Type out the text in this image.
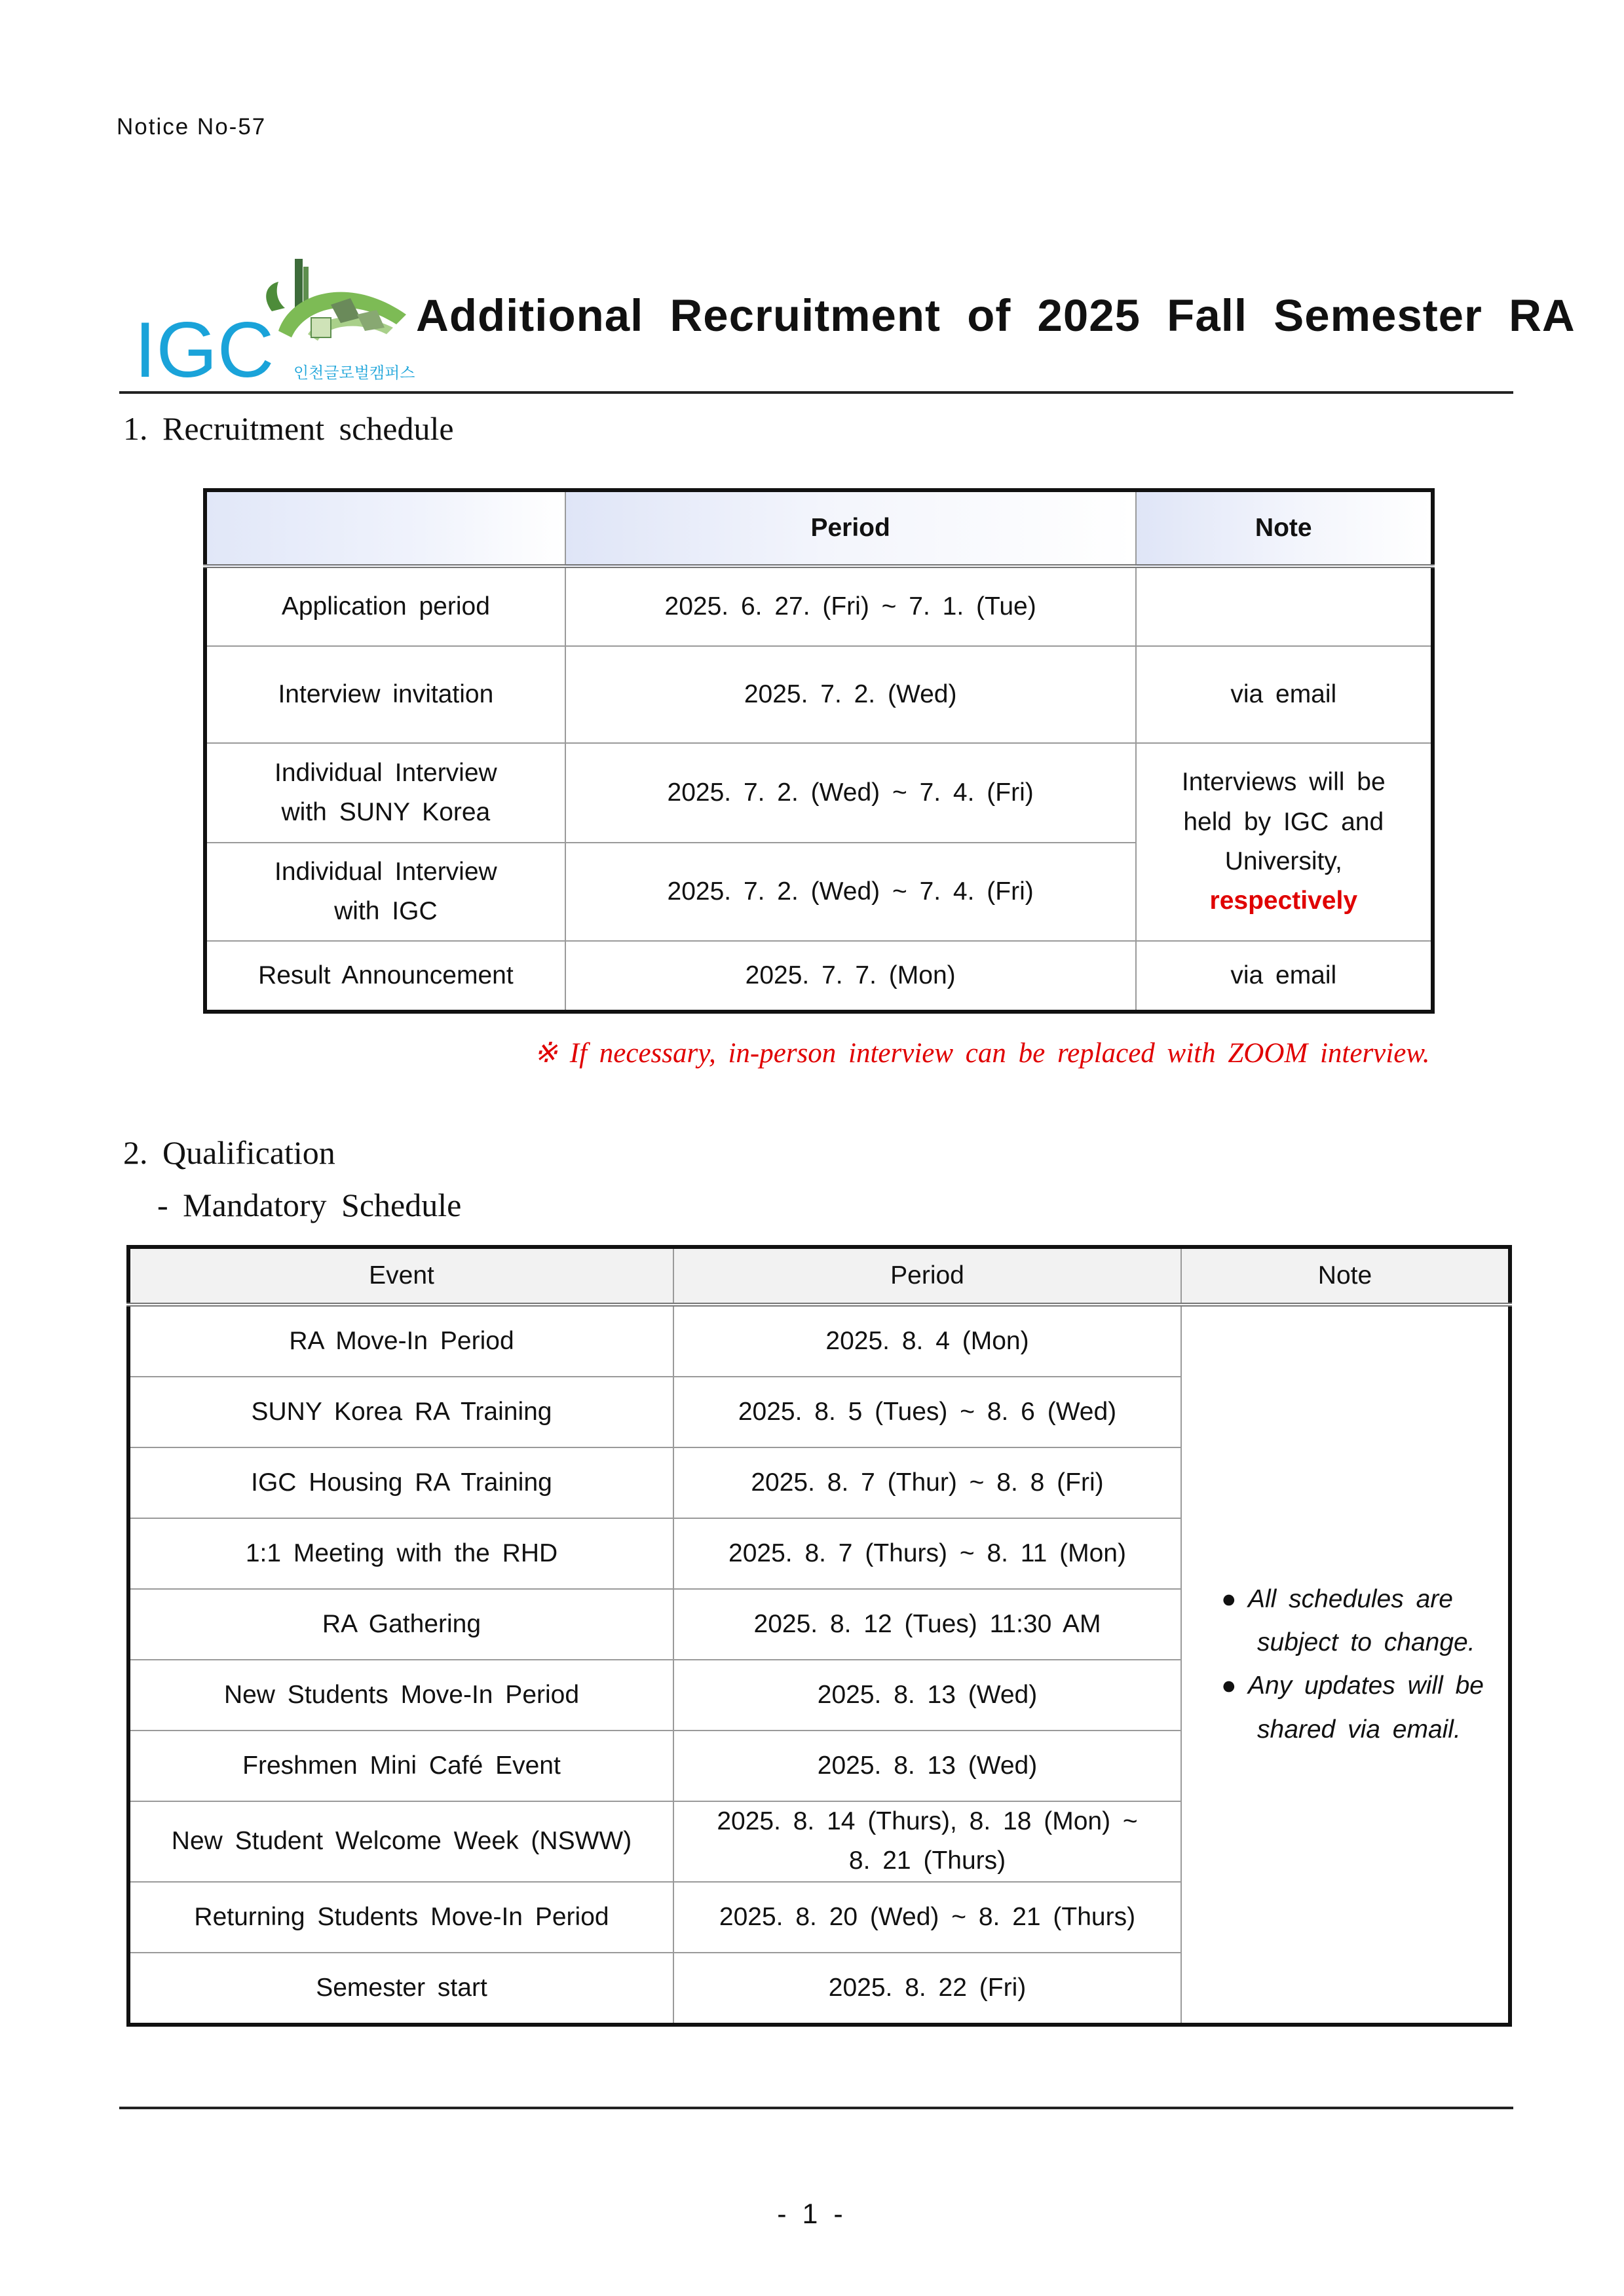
Notice No-57
IGC 인천글로벌캠퍼스
Additional Recruitment of 2025 Fall Semester RA
1. Recruitment schedule
	Period	Note
Application period	2025. 6. 27. (Fri) ~ 7. 1. (Tue)	
Interview invitation	2025. 7. 2. (Wed)	via email
Individual Interview
with SUNY Korea	2025. 7. 2. (Wed) ~ 7. 4. (Fri)	Interviews will be
held by IGC and
University,
respectively
Individual Interview
with IGC	2025. 7. 2. (Wed) ~ 7. 4. (Fri)	
Result Announcement	2025. 7. 7. (Mon)	via email
※ If necessary, in-person interview can be replaced with ZOOM interview.
2. Qualification
- Mandatory Schedule
Event	Period	Note
RA Move-In Period	2025. 8. 4 (Mon)	● All schedules are
subject to change.
● Any updates will be
shared via email.

SUNY Korea RA Training	2025. 8. 5 (Tues) ~ 8. 6 (Wed)	
IGC Housing RA Training	2025. 8. 7 (Thur) ~ 8. 8 (Fri)	
1:1 Meeting with the RHD	2025. 8. 7 (Thurs) ~ 8. 11 (Mon)	
RA Gathering	2025. 8. 12 (Tues) 11:30 AM	
New Students Move-In Period	2025. 8. 13 (Wed)	
Freshmen Mini Café Event	2025. 8. 13 (Wed)	
New Student Welcome Week (NSWW)	2025. 8. 14 (Thurs), 8. 18 (Mon) ~
8. 21 (Thurs)	
Returning Students Move-In Period	2025. 8. 20 (Wed) ~ 8. 21 (Thurs)	
Semester start	2025. 8. 22 (Fri)	
- 1 -
